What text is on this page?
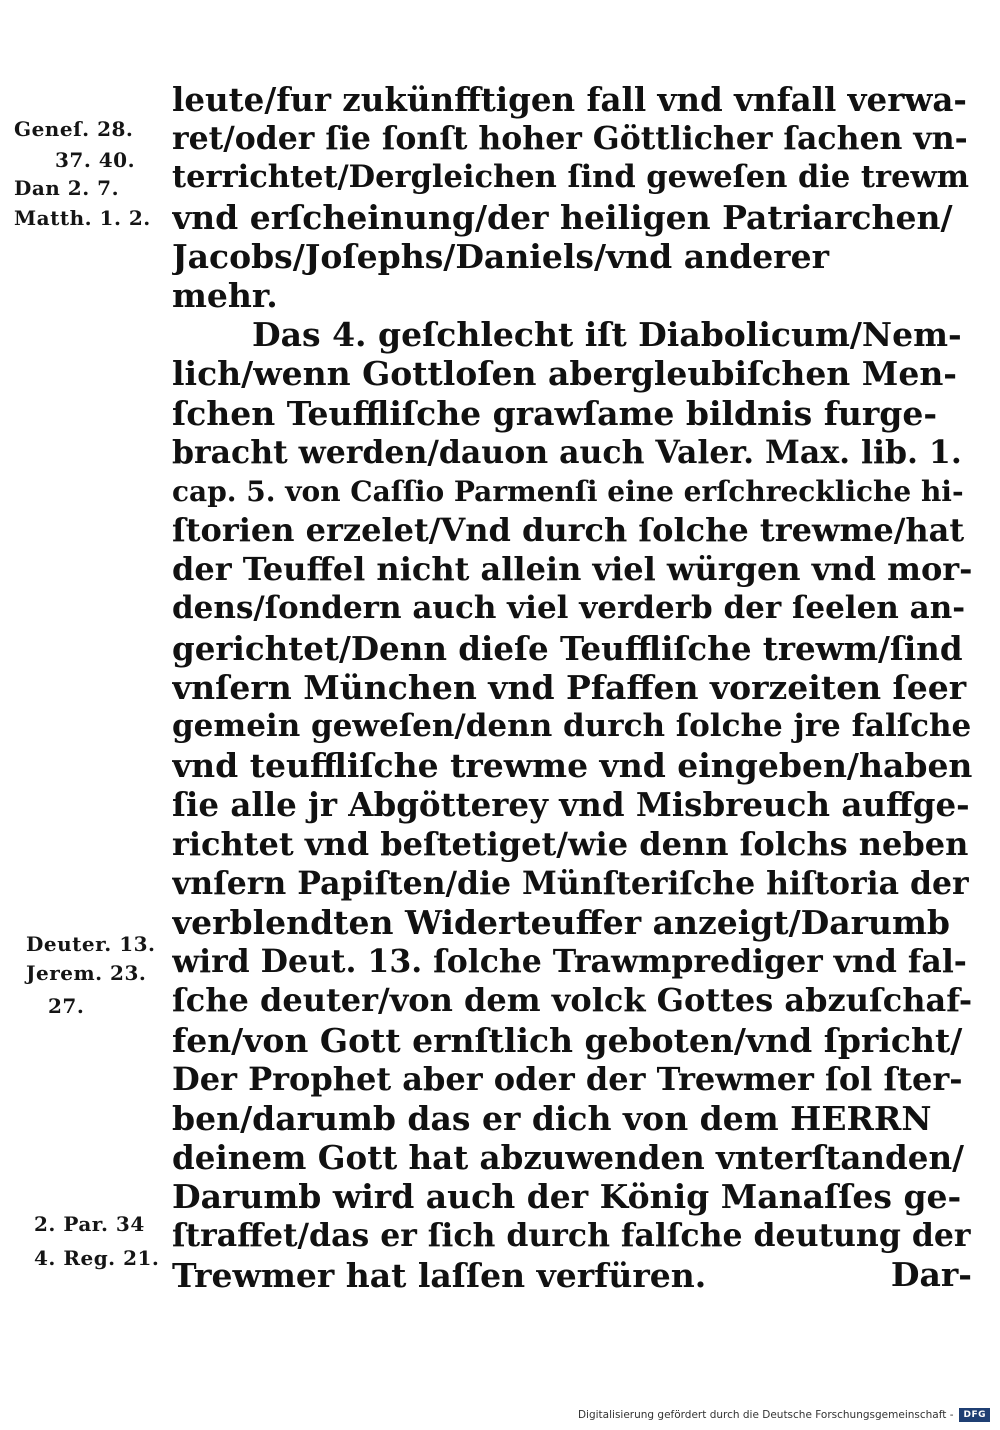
Geneſ. 28.
37. 40.
Dan 2. 7.
Matth. 1. 2.
Deuter. 13.
Jerem. 23.
27.
2. Par. 34
4. Reg. 21.
leute/fur zukünfftigen fall vnd vnfall verwa-
ret/oder ſie ſonſt hoher Göttlicher ſachen vn-
terrichtet/Dergleichen ſind geweſen die trewm
vnd erſcheinung/der heiligen Patriarchen/
Jacobs/Joſephs/Daniels/vnd anderer
mehr.
Das 4. geſchlecht iſt Diabolicum/Nem-
lich/wenn Gottloſen abergleubiſchen Men-
ſchen Teuffliſche grawſame bildnis furge-
bracht werden/dauon auch Valer. Max. lib. 1.
cap. 5. von Caſſio Parmenſi eine erſchreckliche hi-
ſtorien erzelet/Vnd durch ſolche trewme/hat
der Teuffel nicht allein viel würgen vnd mor-
dens/ſondern auch viel verderb der ſeelen an-
gerichtet/Denn dieſe Teuffliſche trewm/ſind
vnſern München vnd Pfaffen vorzeiten ſeer
gemein geweſen/denn durch ſolche jre falſche
vnd teuffliſche trewme vnd eingeben/haben
ſie alle jr Abgötterey vnd Misbreuch auffge-
richtet vnd beſtetiget/wie denn ſolchs neben
vnſern Papiſten/die Münſteriſche hiſtoria der
verblendten Widerteuffer anzeigt/Darumb
wird Deut. 13. ſolche Trawmprediger vnd fal-
ſche deuter/von dem volck Gottes abzuſchaf-
fen/von Gott ernſtlich geboten/vnd ſpricht/
Der Prophet aber oder der Trewmer ſol ſter-
ben/darumb das er dich von dem HERRN
deinem Gott hat abzuwenden vnterſtanden/
Darumb wird auch der König Manaſſes ge-
ſtraffet/das er ſich durch falſche deutung der
Trewmer hat laſſen verfüren.	Dar-
Digitalisierung gefördert durch die Deutsche Forschungsgemeinschaft -	DFG
